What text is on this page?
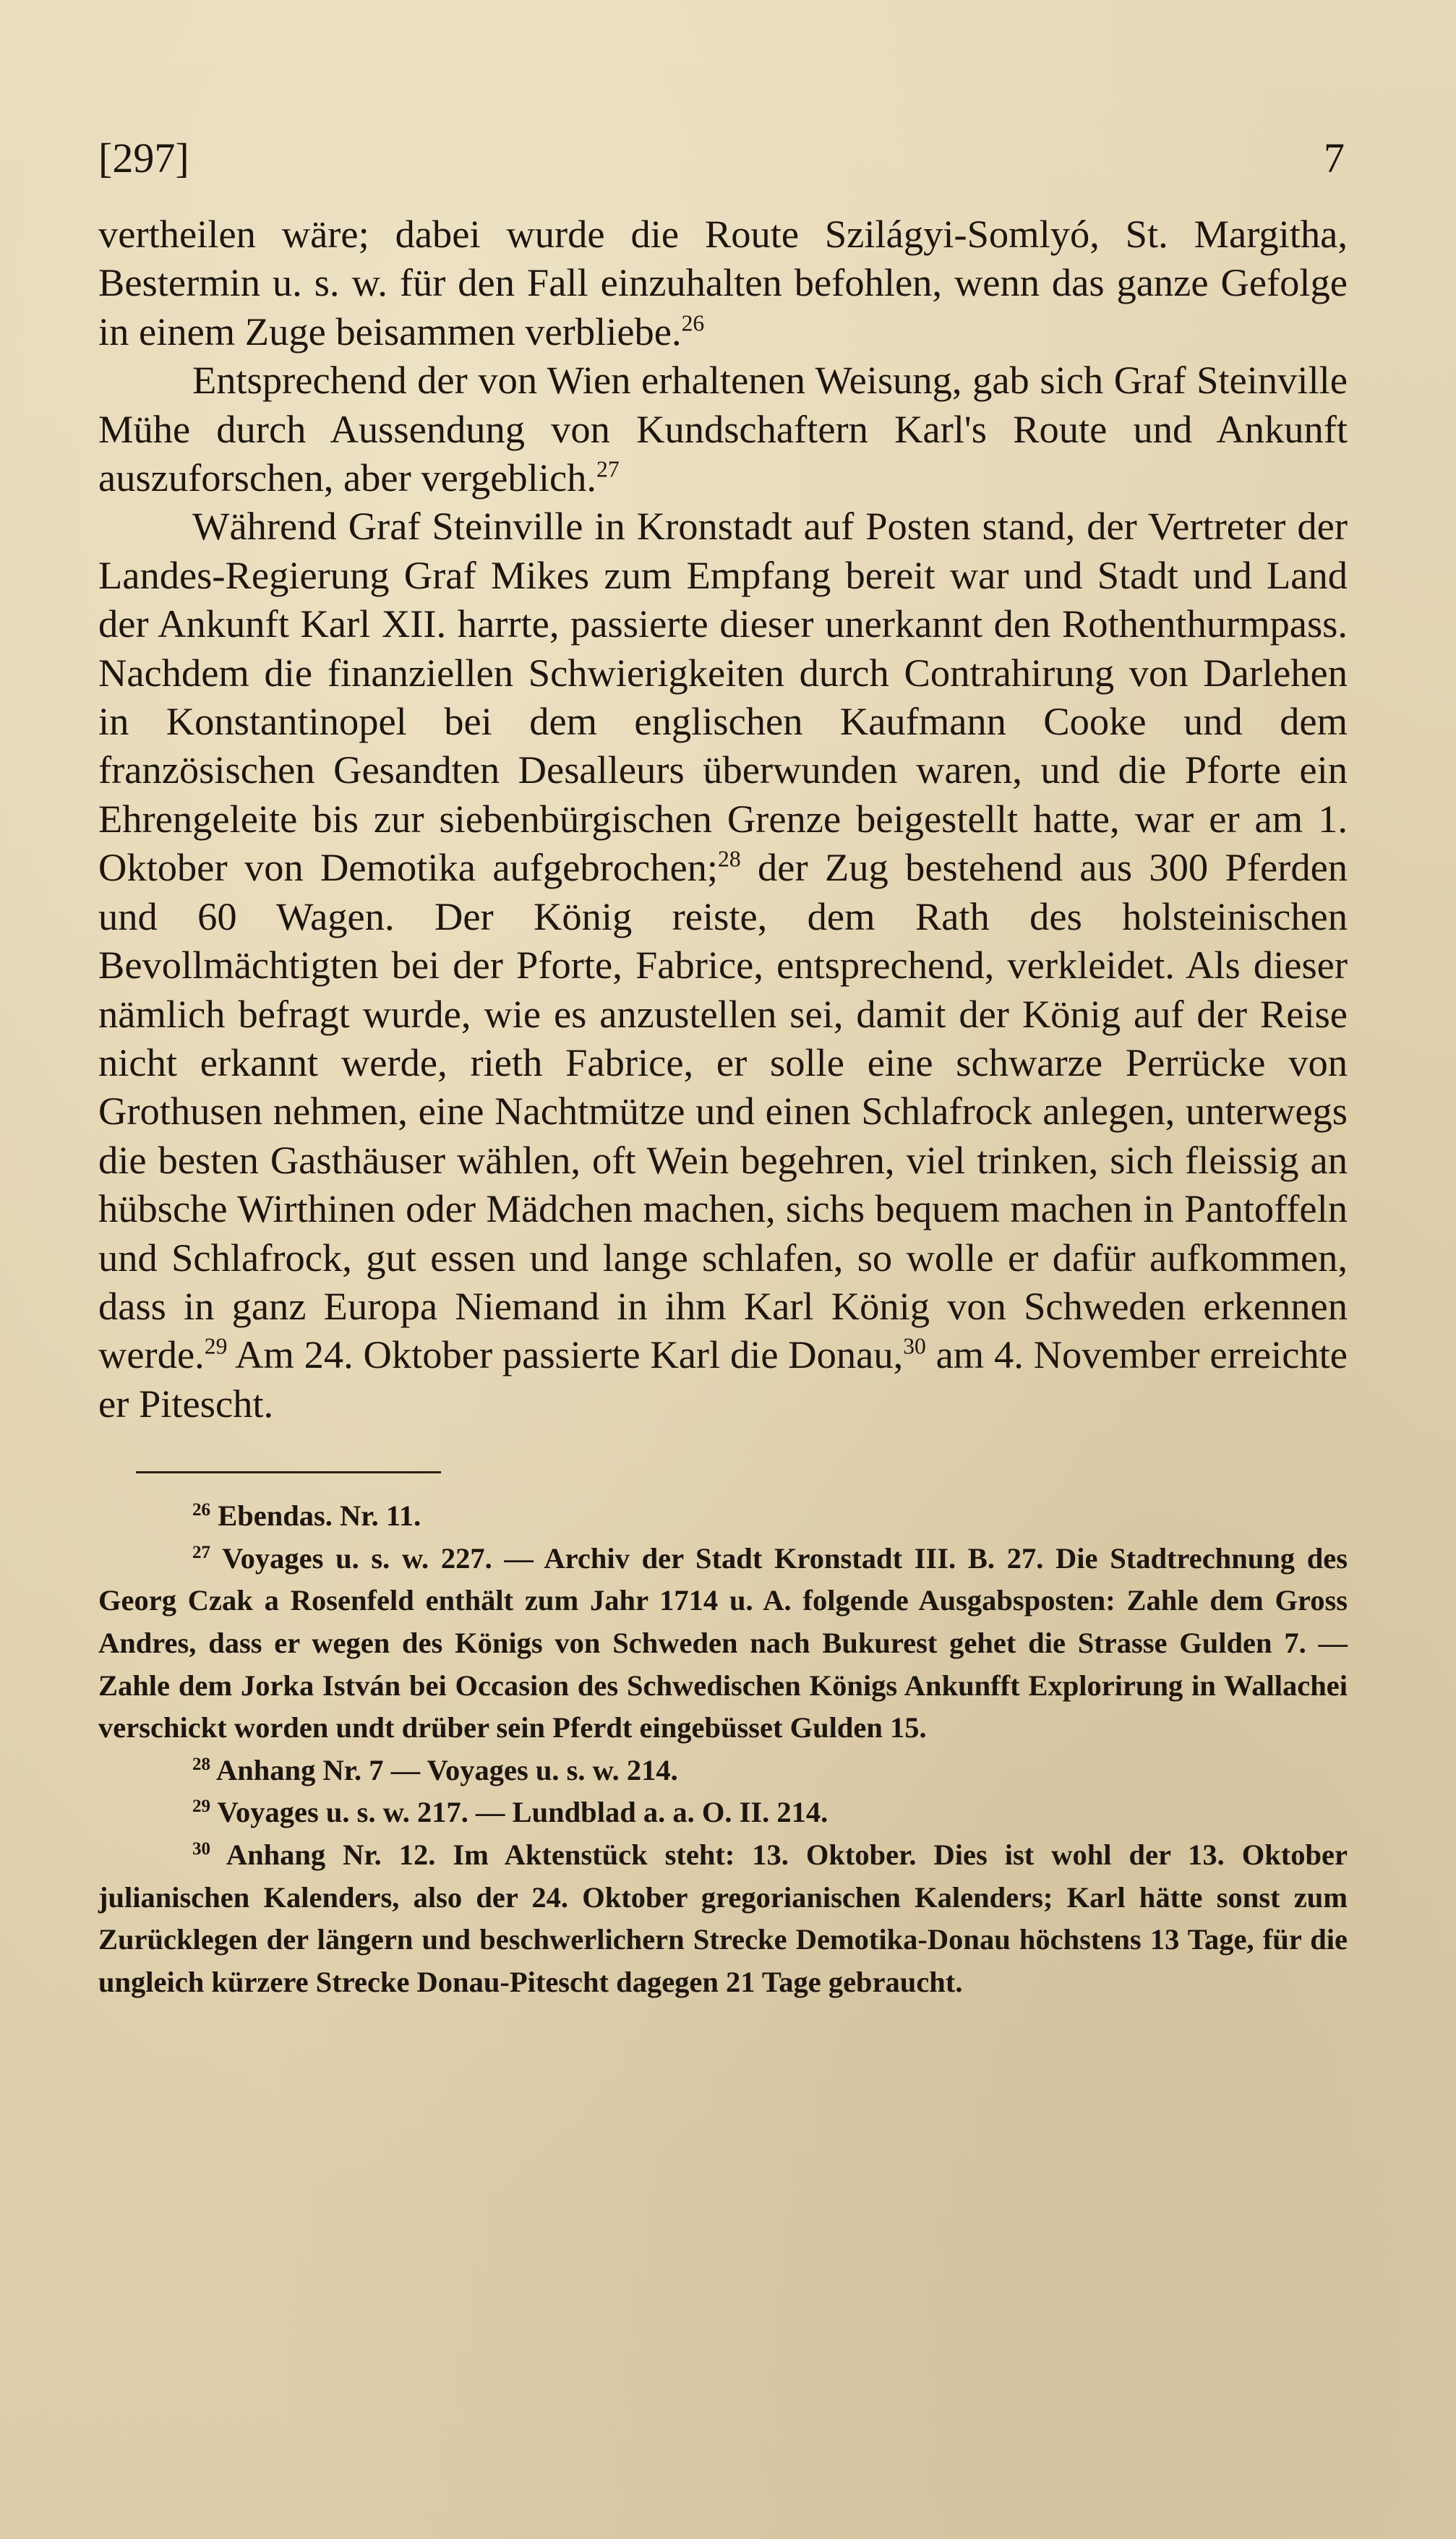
[297]	7

vertheilen wäre; dabei wurde die Route Szilágyi-Somlyó, St. Margitha, Bestermin u. s. w. für den Fall einzuhalten befohlen, wenn das ganze Gefolge in einem Zuge beisammen verbliebe.$^{26}$

Entsprechend der von Wien erhaltenen Weisung, gab sich Graf Steinville Mühe durch Aussendung von Kundschaftern Karl's Route und Ankunft auszuforschen, aber vergeblich.$^{27}$

Während Graf Steinville in Kronstadt auf Posten stand, der Vertreter der Landes-Regierung Graf Mikes zum Empfang bereit war und Stadt und Land der Ankunft Karl XII. harrte, passierte dieser unerkannt den Rothenthurmpass. Nachdem die finanziellen Schwierigkeiten durch Contrahirung von Darlehen in Konstantinopel bei dem englischen Kaufmann Cooke und dem französischen Gesandten Desalleurs überwunden waren, und die Pforte ein Ehrengeleite bis zur siebenbürgischen Grenze beigestellt hatte, war er am 1. Oktober von Demotika aufgebrochen;$^{28}$ der Zug bestehend aus 300 Pferden und 60 Wagen. Der König reiste, dem Rath des holsteinischen Bevollmächtigten bei der Pforte, Fabrice, entsprechend, verkleidet. Als dieser nämlich befragt wurde, wie es anzustellen sei, damit der König auf der Reise nicht erkannt werde, rieth Fabrice, er solle eine schwarze Perrücke von Grothusen nehmen, eine Nachtmütze und einen Schlafrock anlegen, unterwegs die besten Gasthäuser wählen, oft Wein begehren, viel trinken, sich fleissig an hübsche Wirthinen oder Mädchen machen, sichs bequem machen in Pantoffeln und Schlafrock, gut essen und lange schlafen, so wolle er dafür aufkommen, dass in ganz Europa Niemand in ihm Karl König von Schweden erkennen werde.$^{29}$ Am 24. Oktober passierte Karl die Donau,$^{30}$ am 4. November erreichte er Pitescht.

$^{26}$ Ebendas. Nr. 11.

$^{27}$ Voyages u. s. w. 227. — Archiv der Stadt Kronstadt III. B. 27. Die Stadtrechnung des Georg Czak a Rosenfeld enthält zum Jahr 1714 u. A. folgende Ausgabsposten: Zahle dem Gross Andres, dass er wegen des Königs von Schweden nach Bukurest gehet die Strasse Gulden 7. — Zahle dem Jorka István bei Occasion des Schwedischen Königs Ankunfft Explorirung in Wallachei verschickt worden undt drüber sein Pferdt eingebüsset Gulden 15.

$^{28}$ Anhang Nr. 7 — Voyages u. s. w. 214.

$^{29}$ Voyages u. s. w. 217. — Lundblad a. a. O. II. 214.

$^{30}$ Anhang Nr. 12. Im Aktenstück steht: 13. Oktober. Dies ist wohl der 13. Oktober julianischen Kalenders, also der 24. Oktober gregorianischen Kalenders; Karl hätte sonst zum Zurücklegen der längern und beschwerlichern Strecke Demotika-Donau höchstens 13 Tage, für die ungleich kürzere Strecke Donau-Pitescht dagegen 21 Tage gebraucht.
